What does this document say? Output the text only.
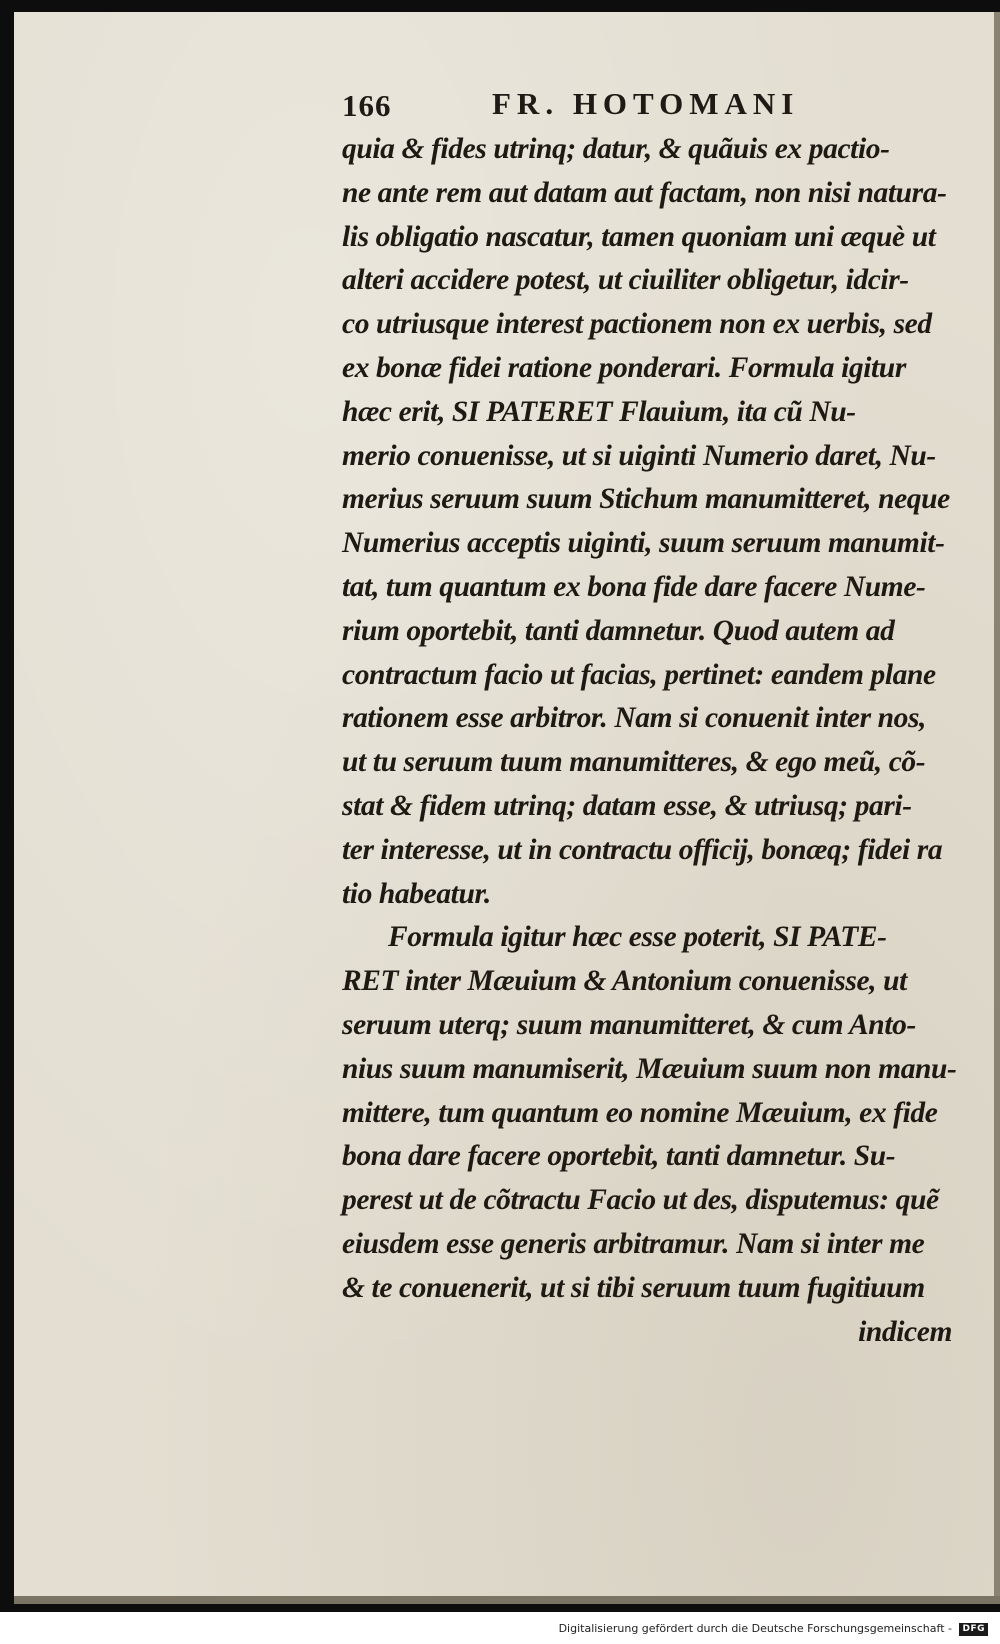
166	FR. HOTOMANI
quia & fides utrinq; datur, & quãuis ex pactio-
ne ante rem aut datam aut factam, non nisi natura-
lis obligatio nascatur, tamen quoniam uni æquè ut
alteri accidere potest, ut ciuiliter obligetur, idcir-
co utriusque interest pactionem non ex uerbis, sed
ex bonæ fidei ratione ponderari. Formula igitur
hæc erit, SI PATERET Flauium, ita cũ Nu-
merio conuenisse, ut si uiginti Numerio daret, Nu-
merius seruum suum Stichum manumitteret, neque
Numerius acceptis uiginti, suum seruum manumit-
tat, tum quantum ex bona fide dare facere Nume-
rium oportebit, tanti damnetur. Quod autem ad
contractum facio ut facias, pertinet: eandem plane
rationem esse arbitror. Nam si conuenit inter nos,
ut tu seruum tuum manumitteres, & ego meũ, cõ-
stat & fidem utrinq; datam esse, & utriusq; pari-
ter interesse, ut in contractu officij, bonæq; fidei ra
tio habeatur.
Formula igitur hæc esse poterit, SI PATE-
RET inter Mæuium & Antonium conuenisse, ut
seruum uterq; suum manumitteret, & cum Anto-
nius suum manumiserit, Mæuium suum non manu-
mittere, tum quantum eo nomine Mæuium, ex fide
bona dare facere oportebit, tanti damnetur. Su-
perest ut de cõtractu Facio ut des, disputemus: quẽ
eiusdem esse generis arbitramur. Nam si inter me
& te conuenerit, ut si tibi seruum tuum fugitiuum
indicem
Digitalisierung gefördert durch die Deutsche Forschungsgemeinschaft - DFG
